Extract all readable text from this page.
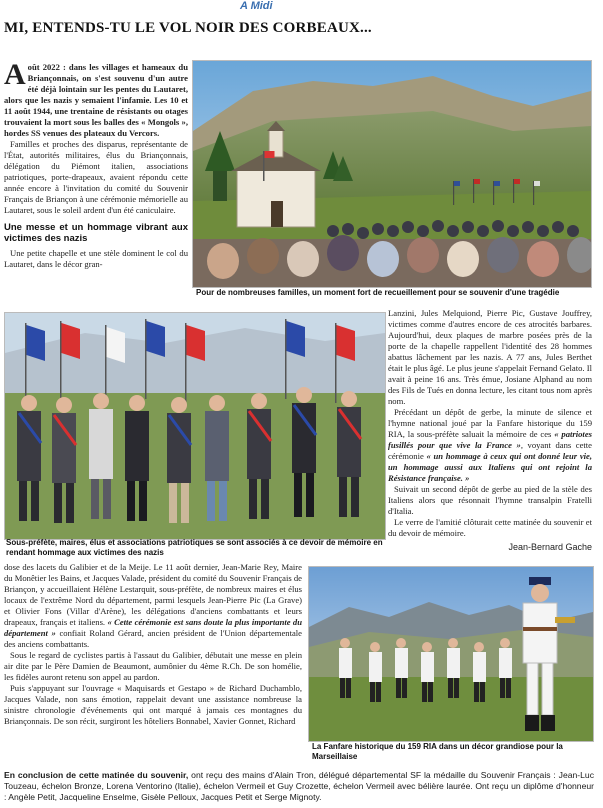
A Midi
MI, ENTENDS-TU LE VOL NOIR DES CORBEAUX...

Août 2022 : dans les villages et hameaux du Briançonnais, on s'est souvenu d'un autre été déjà lointain sur les pentes du Lautaret, alors que les nazis y semaient l'infamie. Les 10 et 11 août 1944, une trentaine de résistants ou otages trouvaient la mort sous les balles des « Mongols », hordes SS venues des plateaux du Vercors.

Familles et proches des disparus, représentante de l'État, autorités militaires, élus du Briançonnais, délégation du Piémont italien, associations patriotiques, porte-drapeaux, avaient répondu cette année encore à l'invitation du comité du Souvenir Français de Briançon à une cérémonie mémorielle au Lautaret, sous le soleil ardent d'un été caniculaire.

Une messe et un hommage vibrant aux victimes des nazis

Une petite chapelle et une stèle dominent le col du Lautaret, dans le décor gran-

Pour de nombreuses familles, un moment fort de recueillement pour se souvenir d'une tragédie
Sous-préfète, maires, élus et associations patriotiques se sont associés à ce devoir de mémoire en rendant hommage aux victimes des nazis

Lanzini, Jules Melquiond, Pierre Pic, Gustave Jouffrey, victimes comme d'autres encore de ces atrocités barbares. Aujourd'hui, deux plaques de marbre posées près de la porte de la chapelle rappellent l'identité des 28 hommes abattus lâchement par les nazis. A 77 ans, Jules Berthet était le plus âgé. Le plus jeune s'appelait Fernand Gelato. Il avait à peine 16 ans. Très émue, Josiane Alphand au nom des Fils de Tués en donna lecture, les citant tous nom après nom.

Précédant un dépôt de gerbe, la minute de silence et l'hymne national joué par la Fanfare historique du 159 RIA, la sous-préfète saluait la mémoire de ces « patriotes fusillés pour que vive la France », voyant dans cette cérémonie « un hommage à ceux qui ont donné leur vie, un hommage aussi aux Italiens qui ont rejoint la Résistance française. »

Suivait un second dépôt de gerbe au pied de la stèle des Italiens alors que résonnait l'hymne transalpin Fratelli d'Italia.

Le verre de l'amitié clôturait cette matinée du souvenir et du devoir de mémoire.

Jean-Bernard Gache

dose des lacets du Galibier et de la Meije. Le 11 août dernier, Jean-Marie Rey, Maire du Monêtier les Bains, et Jacques Valade, président du comité du Souvenir Français de Briançon, y accueillaient Hélène Lestarquit, sous-préfète, de nombreux maires et élus locaux de l'extrême Nord du département, parmi lesquels Jean-Pierre Pic (La Grave) et Olivier Fons (Villar d'Arène), les délégations d'anciens combattants et leurs drapeaux, français et italiens. « Cette cérémonie est sans doute la plus importante du département » confiait Roland Gérard, ancien président de l'Union départementale des anciens combattants.

Sous le regard de cyclistes partis à l'assaut du Galibier, débutait une messe en plein air dite par le Père Damien de Beaumont, aumônier du 4ème R.Ch. De son homélie, les fidèles auront retenu son appel au pardon.

Puis s'appuyant sur l'ouvrage « Maquisards et Gestapo » de Richard Duchamblo, Jacques Valade, non sans émotion, rappelait devant une assistance nombreuse la sinistre chronologie d'événements qui ont marqué à jamais ces montagnes du Briançonnais. De son récit, surgiront les hôteliers Bonnabel, Xavier Gonnet, Richard

La Fanfare historique du 159 RIA dans un décor grandiose pour la Marseillaise
En conclusion de cette matinée du souvenir, ont reçu des mains d'Alain Tron, délégué départemental SF la médaille du Souvenir Français : Jean-Luc Touzeau, échelon Bronze, Lorena Ventorino (Italie), échelon Vermeil et Guy Crozette, échelon Vermeil avec bélière laurée. Ont reçu un diplôme d'honneur : Angèle Petit, Jacqueline Enselme, Gisèle Pelloux, Jacques Petit et Serge Mignoty.
